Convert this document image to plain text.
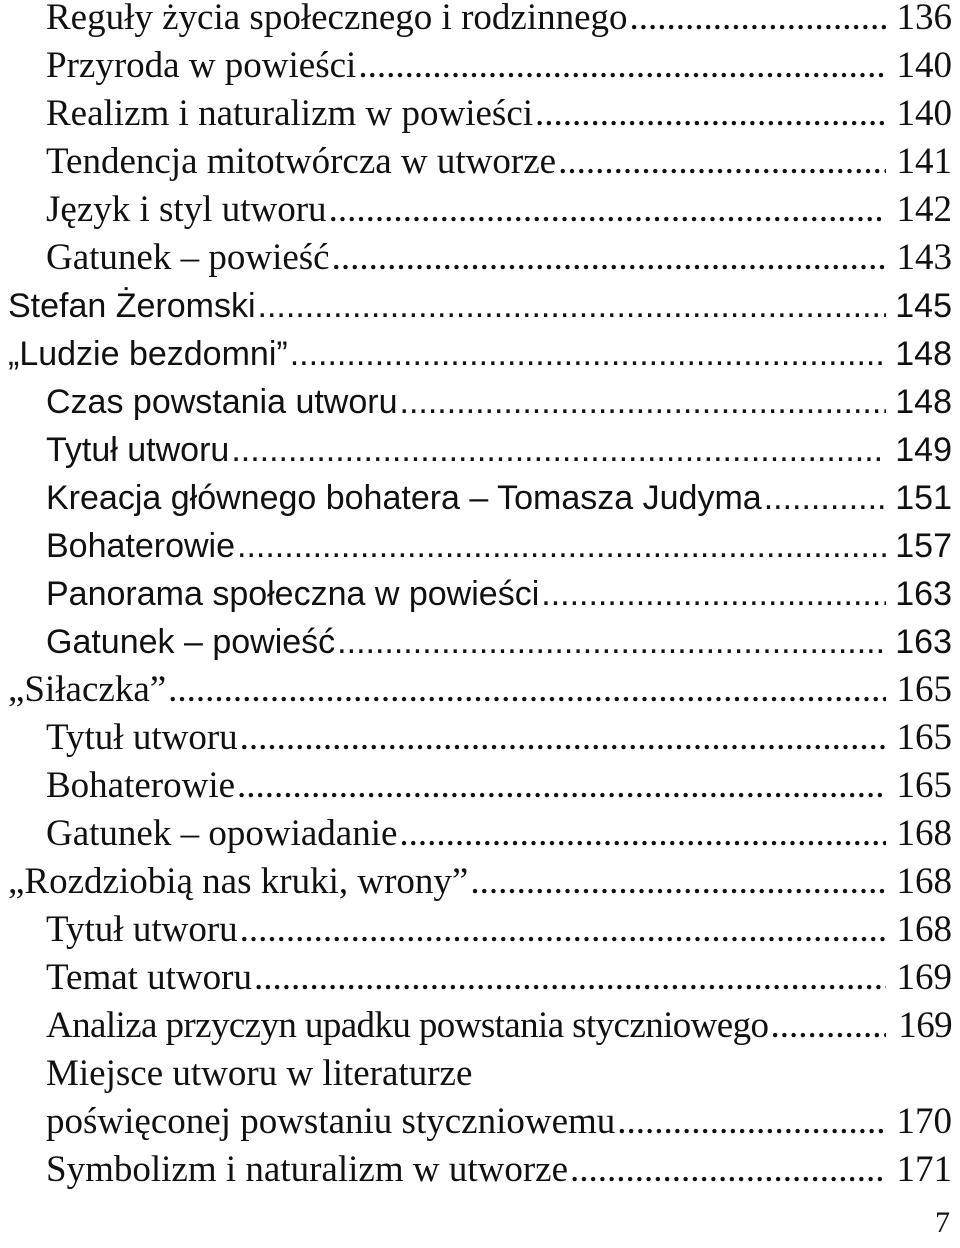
Reguły życia społecznego i rodzinnego .....	136
Przyroda w powieści .....	140
Realizm i naturalizm w powieści .....	140
Tendencja mitotwórcza w utworze .....	141
Język i styl utworu .....	142
Gatunek – powieść .....	143
Stefan Żeromski .....	145
„Ludzie bezdomni” .....	148
Czas powstania utworu .....	148
Tytuł utworu .....	149
Kreacja głównego bohatera – Tomasza Judyma .....	151
Bohaterowie .....	157
Panorama społeczna w powieści .....	163
Gatunek – powieść .....	163
„Siłaczka” .....	165
Tytuł utworu .....	165
Bohaterowie .....	165
Gatunek – opowiadanie .....	168
„Rozdziobią nas kruki, wrony” .....	168
Tytuł utworu .....	168
Temat utworu .....	169
Analiza przyczyn upadku powstania styczniowego .....	169
Miejsce utworu w literaturze
poświęconej powstaniu styczniowemu .....	170
Symbolizm i naturalizm w utworze .....	171
7
